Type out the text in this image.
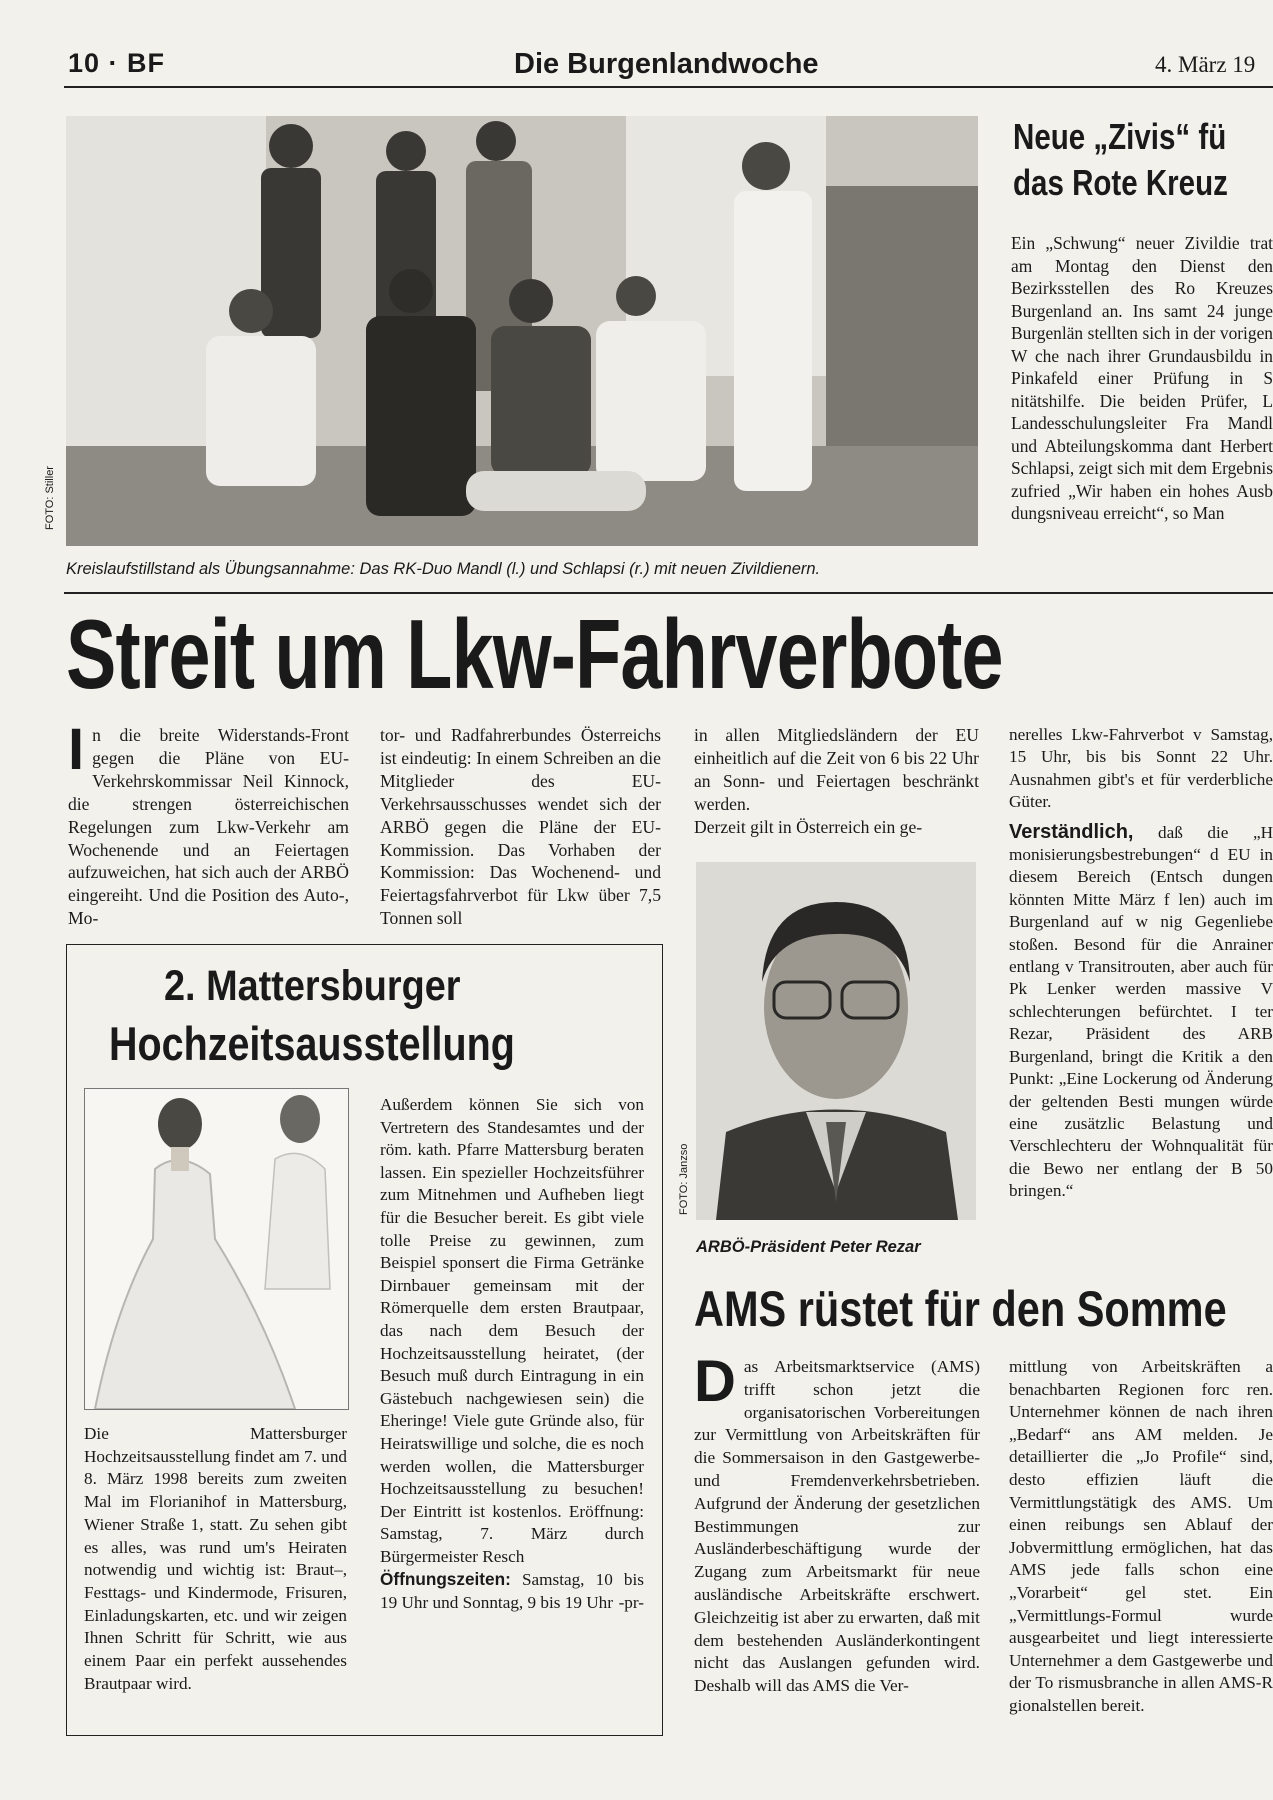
10 · BF	Die Burgenlandwoche	4. März 19
FOTO: Stiller
Kreislaufstillstand als Übungsannahme: Das RK-Duo Mandl (l.) und Schlapsi (r.) mit neuen Zivildienern.
Neue „Zivis“ fü
das Rote Kreuz

Ein „Schwung“ neuer Zivildie trat am Montag den Dienst den Bezirksstellen des Ro Kreuzes Burgenland an. Ins samt 24 junge Burgenlän stellten sich in der vorigen W che nach ihrer Grundausbildu in Pinkafeld einer Prüfung in S nitätshilfe. Die beiden Prüfer, L Landesschulungsleiter Fra Mandl und Abteilungskomma dant Herbert Schlapsi, zeigt sich mit dem Ergebnis zufried „Wir haben ein hohes Ausb dungsniveau erreicht“, so Man

Streit um Lkw-Fahrverbote
In die breite Widerstands-Front gegen die Pläne von EU-Verkehrskommissar Neil Kinnock, die strengen österreichischen Regelungen zum Lkw-Verkehr am Wochenende und an Feiertagen aufzuweichen, hat sich auch der ARBÖ eingereiht. Und die Position des Auto-, Mo-

tor- und Radfahrerbundes Österreichs ist eindeutig: In einem Schreiben an die Mitglieder des EU-Verkehrsausschusses wendet sich der ARBÖ gegen die Pläne der EU-Kommission. Das Vorhaben der Kommission: Das Wochenend- und Feiertagsfahrverbot für Lkw über 7,5 Tonnen soll

in allen Mitgliedsländern der EU einheitlich auf die Zeit von 6 bis 22 Uhr an Sonn- und Feiertagen beschränkt werden.
Derzeit gilt in Österreich ein ge-
nerelles Lkw-Fahrverbot v Samstag, 15 Uhr, bis bis Sonnt 22 Uhr. Ausnahmen gibt's et für verderbliche Güter.
Verständlich, daß die „H monisierungsbestrebungen“ d EU in diesem Bereich (Entsch dungen könnten Mitte März f len) auch im Burgenland auf w nig Gegenliebe stoßen. Besond für die Anrainer entlang v Transitrouten, aber auch für Pk Lenker werden massive V schlechterungen befürchtet. I ter Rezar, Präsident des ARB Burgenland, bringt die Kritik a den Punkt: „Eine Lockerung od Änderung der geltenden Besti mungen würde eine zusätzlic Belastung und Verschlechteru der Wohnqualität für die Bewo ner entlang der B 50 bringen.“
FOTO: Janzso
ARBÖ-Präsident Peter Rezar
2. Mattersburger
Hochzeitsausstellung

Die Mattersburger Hochzeitsausstellung findet am 7. und 8. März 1998 bereits zum zweiten Mal im Florianihof in Mattersburg, Wiener Straße 1, statt. Zu sehen gibt es alles, was rund um's Heiraten notwendig und wichtig ist: Braut–, Festtags- und Kindermode, Frisuren, Einladungskarten, etc. und wir zeigen Ihnen Schritt für Schritt, wie aus einem Paar ein perfekt aussehendes Brautpaar wird.

Außerdem können Sie sich von Vertretern des Standesamtes und der röm. kath. Pfarre Mattersburg beraten lassen. Ein spezieller Hochzeitsführer zum Mitnehmen und Aufheben liegt für die Besucher bereit. Es gibt viele tolle Preise zu gewinnen, zum Beispiel sponsert die Firma Getränke Dirnbauer gemeinsam mit der Römerquelle dem ersten Brautpaar, das nach dem Besuch der Hochzeitsausstellung heiratet, (der Besuch muß durch Eintragung in ein Gästebuch nachgewiesen sein) die Eheringe! Viele gute Gründe also, für Heiratswillige und solche, die es noch werden wollen, die Mattersburger Hochzeitsausstellung zu besuchen! Der Eintritt ist kostenlos. Eröffnung: Samstag, 7. März durch Bürgermeister Resch
Öffnungszeiten: Samstag, 10 bis 19 Uhr und Sonntag, 9 bis 19 Uhr -pr-
AMS rüstet für den Somme
Das Arbeitsmarktservice (AMS) trifft schon jetzt die organisatorischen Vorbereitungen zur Vermittlung von Arbeitskräften für die Sommersaison in den Gastgewerbe- und Fremdenverkehrsbetrieben. Aufgrund der Änderung der gesetzlichen Bestimmungen zur Ausländerbeschäftigung wurde der Zugang zum Arbeitsmarkt für neue ausländische Arbeitskräfte erschwert. Gleichzeitig ist aber zu erwarten, daß mit dem bestehenden Ausländerkontingent nicht das Auslangen gefunden wird. Deshalb will das AMS die Ver-

mittlung von Arbeitskräften a benachbarten Regionen forc ren. Unternehmer können de nach ihren „Bedarf“ ans AM melden. Je detaillierter die „Jo Profile“ sind, desto effizien läuft die Vermittlungstätigk des AMS. Um einen reibungs sen Ablauf der Jobvermittlung ermöglichen, hat das AMS jede falls schon eine „Vorarbeit“ gel stet. Ein „Vermittlungs-Formul wurde ausgearbeitet und liegt interessierte Unternehmer a dem Gastgewerbe und der To rismusbranche in allen AMS-R gionalstellen bereit.
